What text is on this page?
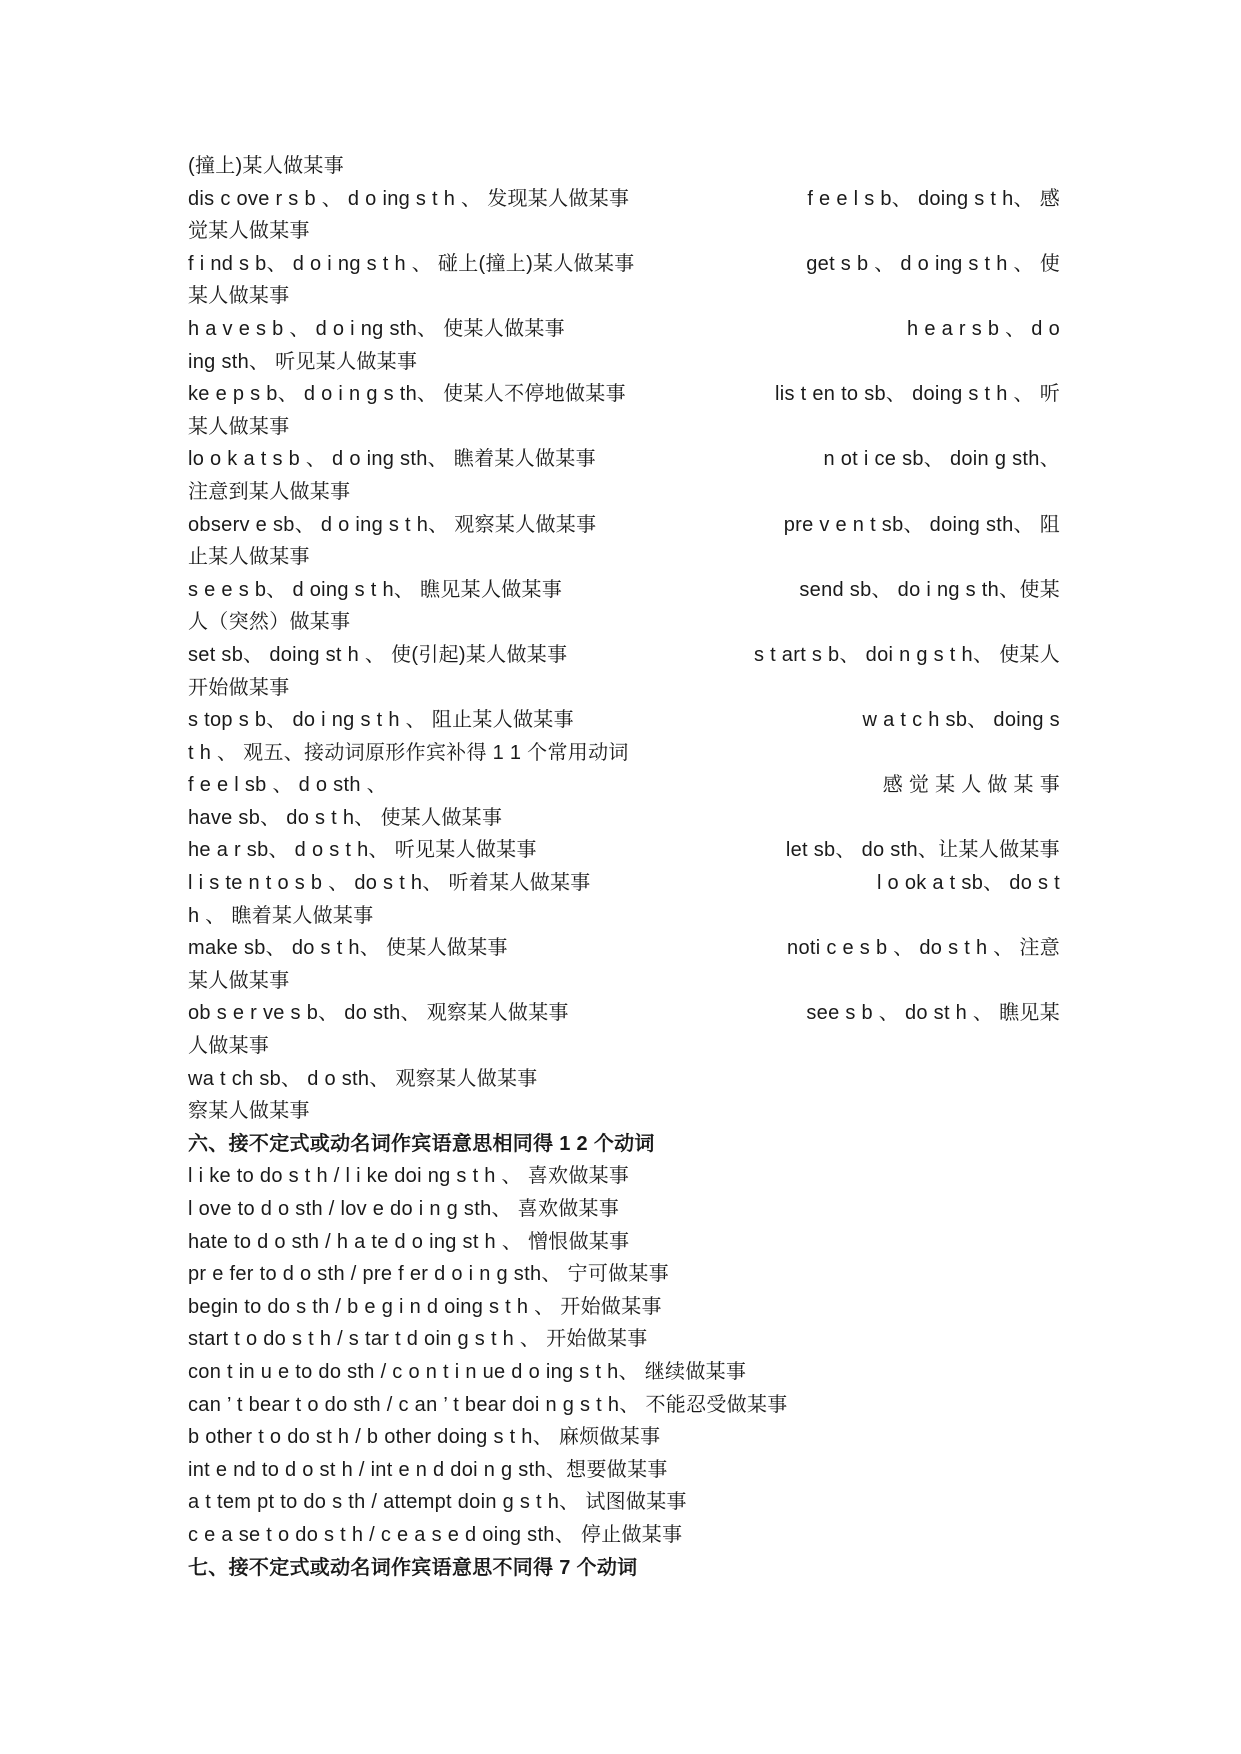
(撞上)某人做某事
dis c ove r s b 、 d o ing s t h 、 发现某人做某事	f e e l s b、 doing s t h、 感
觉某人做某事
f i nd s b、 d o i ng s t h 、 碰上(撞上)某人做某事	get s b 、 d o ing s t h 、 使
某人做某事
h a v e s b 、 d o i ng sth、 使某人做某事	h e a r s b 、 d o
ing sth、 听见某人做某事
ke e p s b、 d o i n g s th、 使某人不停地做某事	lis t en to sb、 doing s t h 、 听
某人做某事
lo o k a t s b 、 d o ing sth、 瞧着某人做某事	n ot i ce sb、 doin g sth、
注意到某人做某事
observ e sb、 d o ing s t h、 观察某人做某事	pre v e n t sb、 doing sth、 阻
止某人做某事
s e e s b、 d oing s t h、 瞧见某人做某事	send sb、 do i ng s th、使某
人（突然）做某事
set sb、 doing st h 、 使(引起)某人做某事	s t art s b、 doi n g s t h、 使某人
开始做某事
s top s b、 do i ng s t h 、 阻止某人做某事	w a t c h sb、 doing s
t h 、 观五、接动词原形作宾补得 1 1 个常用动词
f e e l sb 、 d o sth 、	感 觉 某 人 做 某 事
have sb、 do s t h、 使某人做某事
he a r sb、 d o s t h、 听见某人做某事	let sb、 do sth、让某人做某事
l i s te n t o s b 、 do s t h、 听着某人做某事	l o ok a t sb、 do s t
h 、 瞧着某人做某事
make sb、 do s t h、 使某人做某事	noti c e s b 、 do s t h 、 注意
某人做某事
ob s e r ve s b、 do sth、 观察某人做某事	see s b 、 do st h 、 瞧见某
人做某事
wa t ch sb、 d o sth、 观察某人做某事
察某人做某事
六、接不定式或动名词作宾语意思相同得 1 2 个动词
l i ke to do s t h / l i ke doi ng s t h 、 喜欢做某事
l ove to d o sth / lov e do i n g sth、 喜欢做某事
hate to d o sth / h a te d o ing st h 、 憎恨做某事
pr e fer to d o sth / pre f er d o i n g sth、 宁可做某事
begin to do s th / b e g i n d oing s t h 、 开始做某事
start t o do s t h / s tar t d oin g s t h 、 开始做某事
con t in u e to do sth / c o n t i n ue d o ing s t h、 继续做某事
can ’ t bear t o do sth / c an ’ t bear doi n g s t h、 不能忍受做某事
b other t o do st h / b other doing s t h、 麻烦做某事
int e nd to d o st h / int e n d doi n g sth、想要做某事
a t tem pt to do s th / attempt doin g s t h、 试图做某事
c e a se t o do s t h / c e a s e d oing sth、 停止做某事
七、接不定式或动名词作宾语意思不同得 7 个动词
